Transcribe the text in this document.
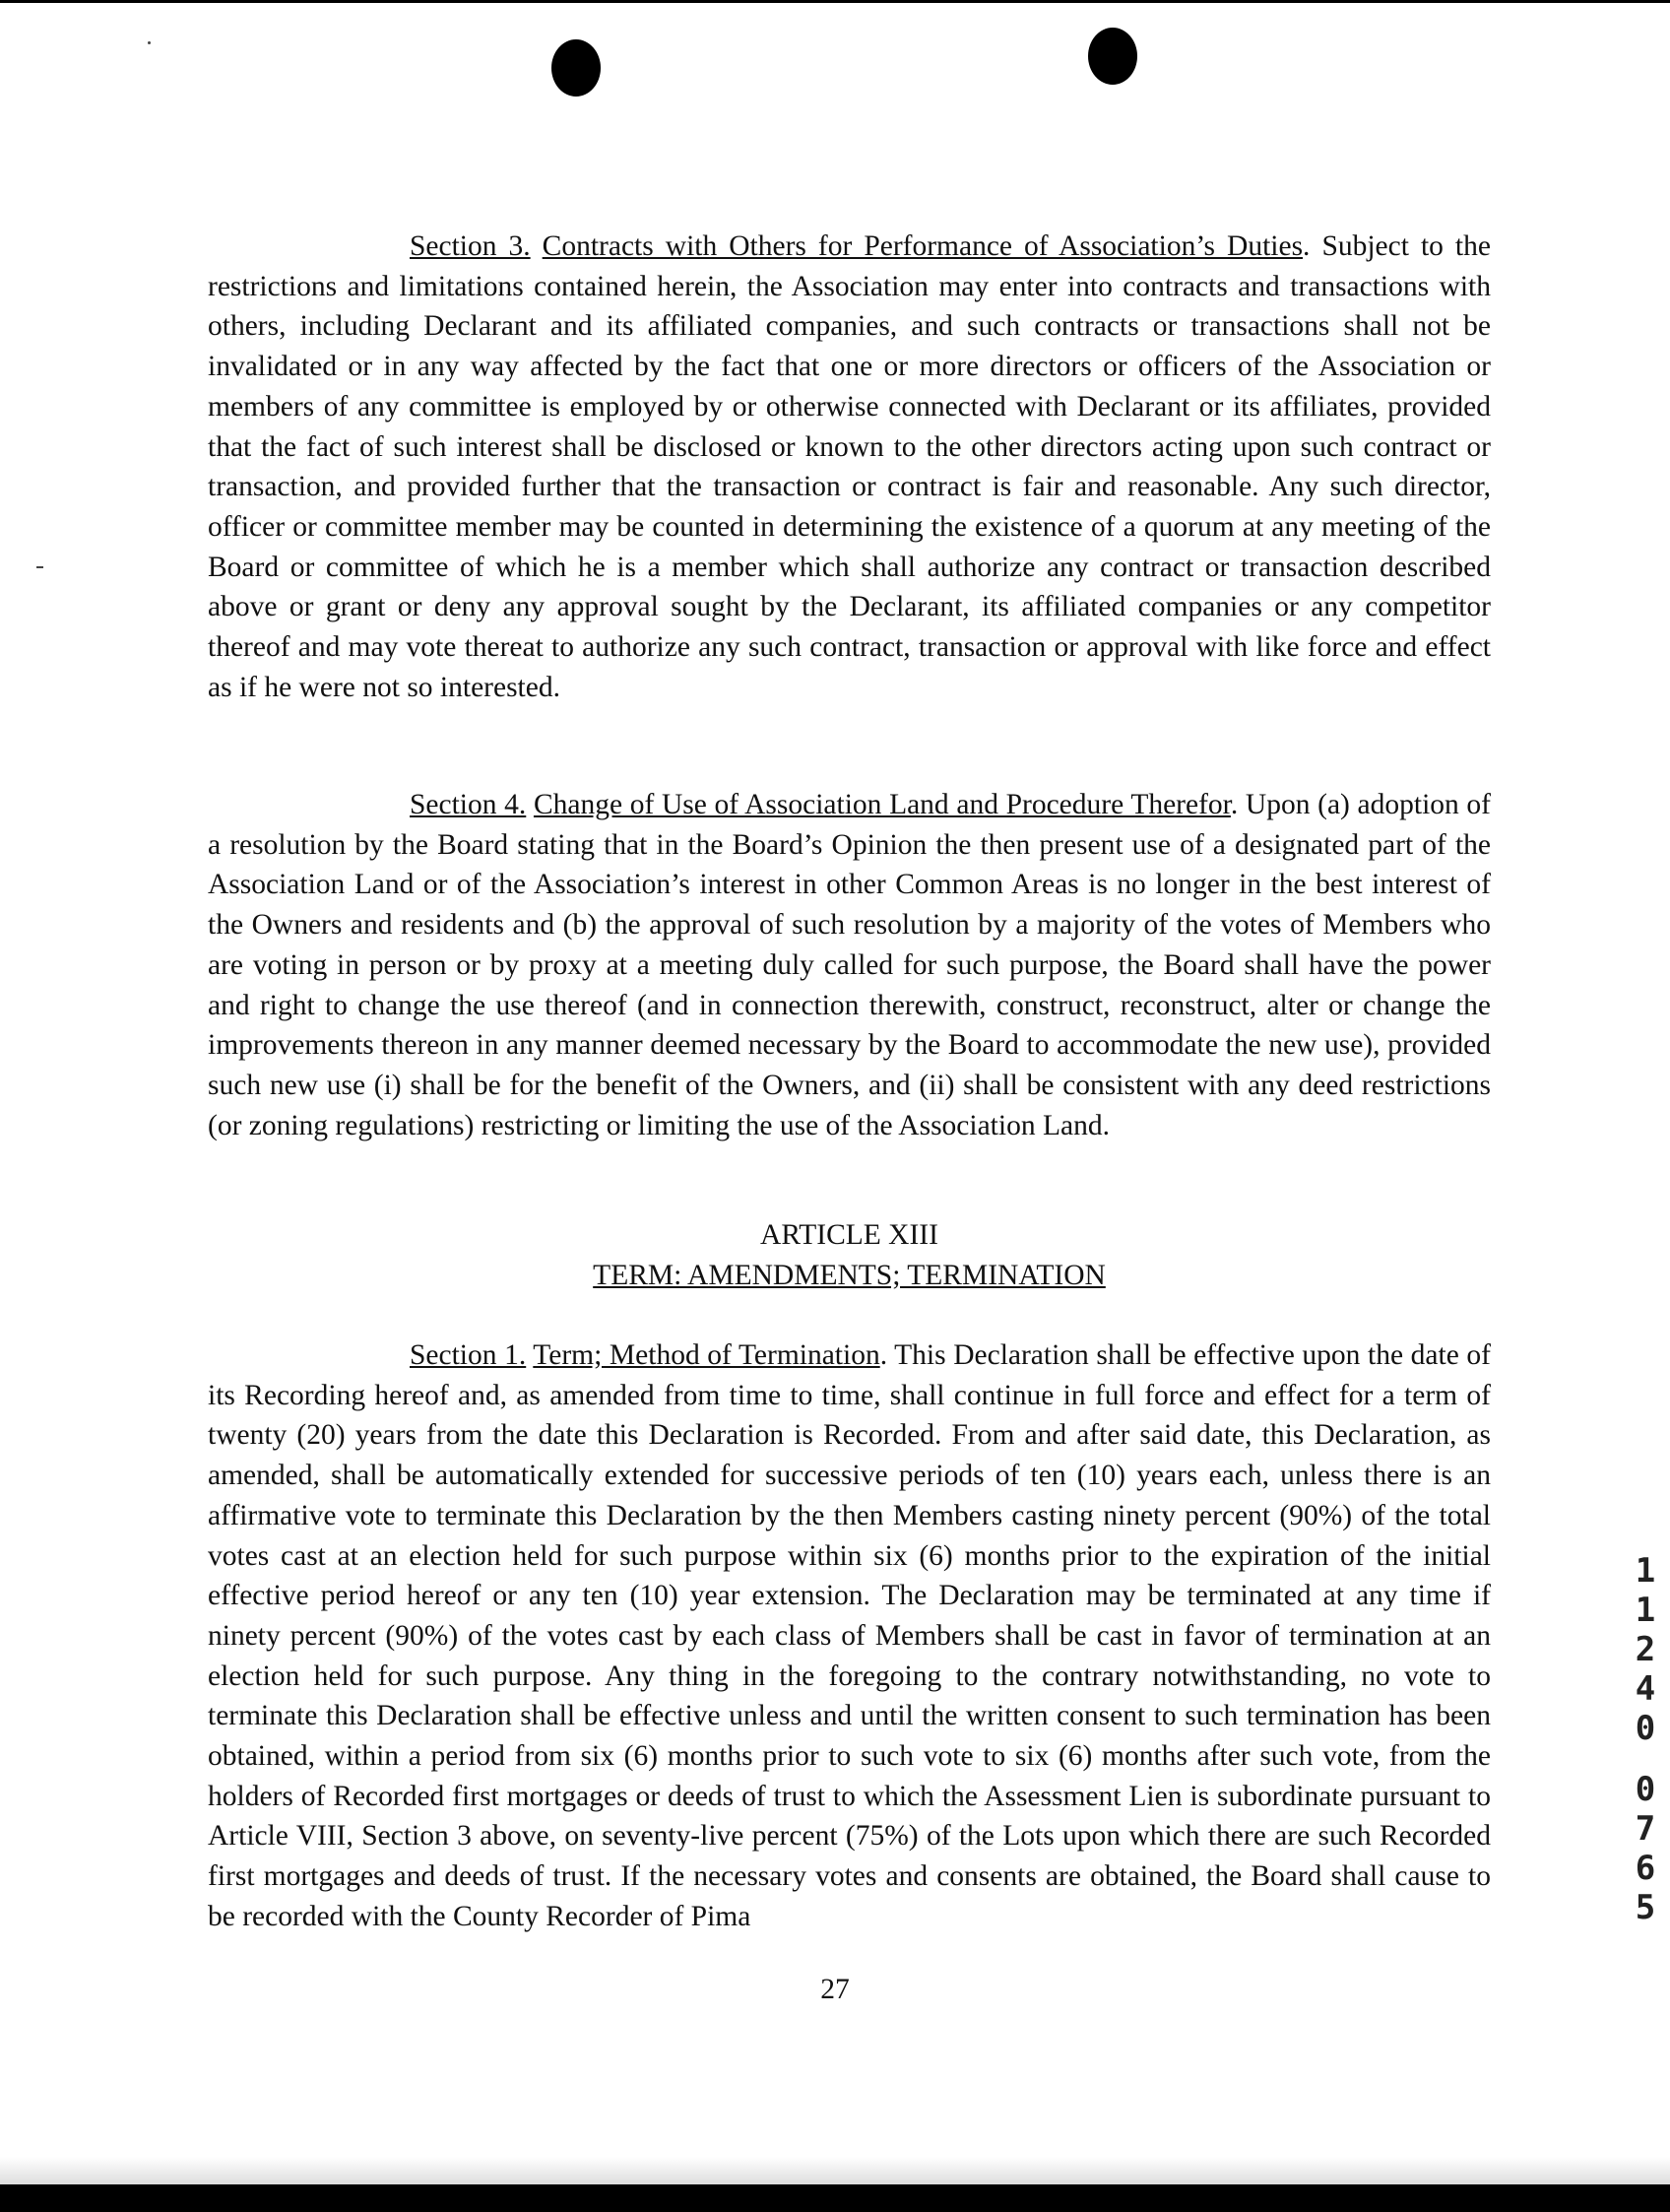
Section 3. Contracts with Others for Performance of Association’s Duties. Subject to the restrictions and limitations contained herein, the Association may enter into contracts and transactions with others, including Declarant and its affiliated companies, and such contracts or transactions shall not be invalidated or in any way affected by the fact that one or more directors or officers of the Association or members of any committee is employed by or otherwise connected with Declarant or its affiliates, provided that the fact of such interest shall be disclosed or known to the other directors acting upon such contract or transaction, and provided further that the transaction or contract is fair and reasonable. Any such director, officer or committee member may be counted in determining the existence of a quorum at any meeting of the Board or committee of which he is a member which shall authorize any contract or transaction described above or grant or deny any approval sought by the Declarant, its affiliated companies or any competitor thereof and may vote thereat to authorize any such contract, transaction or approval with like force and effect as if he were not so interested.

Section 4. Change of Use of Association Land and Procedure Therefor. Upon (a) adoption of a resolution by the Board stating that in the Board’s Opinion the then present use of a designated part of the Association Land or of the Association’s interest in other Common Areas is no longer in the best interest of the Owners and residents and (b) the approval of such resolution by a majority of the votes of Members who are voting in person or by proxy at a meeting duly called for such purpose, the Board shall have the power and right to change the use thereof (and in connection therewith, construct, reconstruct, alter or change the improvements thereon in any manner deemed necessary by the Board to accommodate the new use), provided such new use (i) shall be for the benefit of the Owners, and (ii) shall be consistent with any deed restrictions (or zoning regulations) restricting or limiting the use of the Association Land.

ARTICLE XIII
TERM: AMENDMENTS; TERMINATION

Section 1. Term; Method of Termination. This Declaration shall be effective upon the date of its Recording hereof and, as amended from time to time, shall continue in full force and effect for a term of twenty (20) years from the date this Declaration is Recorded. From and after said date, this Declaration, as amended, shall be automatically extended for successive periods of ten (10) years each, unless there is an affirmative vote to terminate this Declaration by the then Members casting ninety percent (90%) of the total votes cast at an election held for such purpose within six (6) months prior to the expiration of the initial effective period hereof or any ten (10) year extension. The Declaration may be terminated at any time if ninety percent (90%) of the votes cast by each class of Members shall be cast in favor of termination at an election held for such purpose. Any thing in the foregoing to the contrary notwithstanding, no vote to terminate this Declaration shall be effective unless and until the written consent to such termination has been obtained, within a period from six (6) months prior to such vote to six (6) months after such vote, from the holders of Recorded first mortgages or deeds of trust to which the Assessment Lien is subordinate pursuant to Article VIII, Section 3 above, on seventy-live percent (75%) of the Lots upon which there are such Recorded first mortgages and deeds of trust. If the necessary votes and consents are obtained, the Board shall cause to be recorded with the County Recorder of Pima

1
1
2
4
0
0
7
6
5
27
